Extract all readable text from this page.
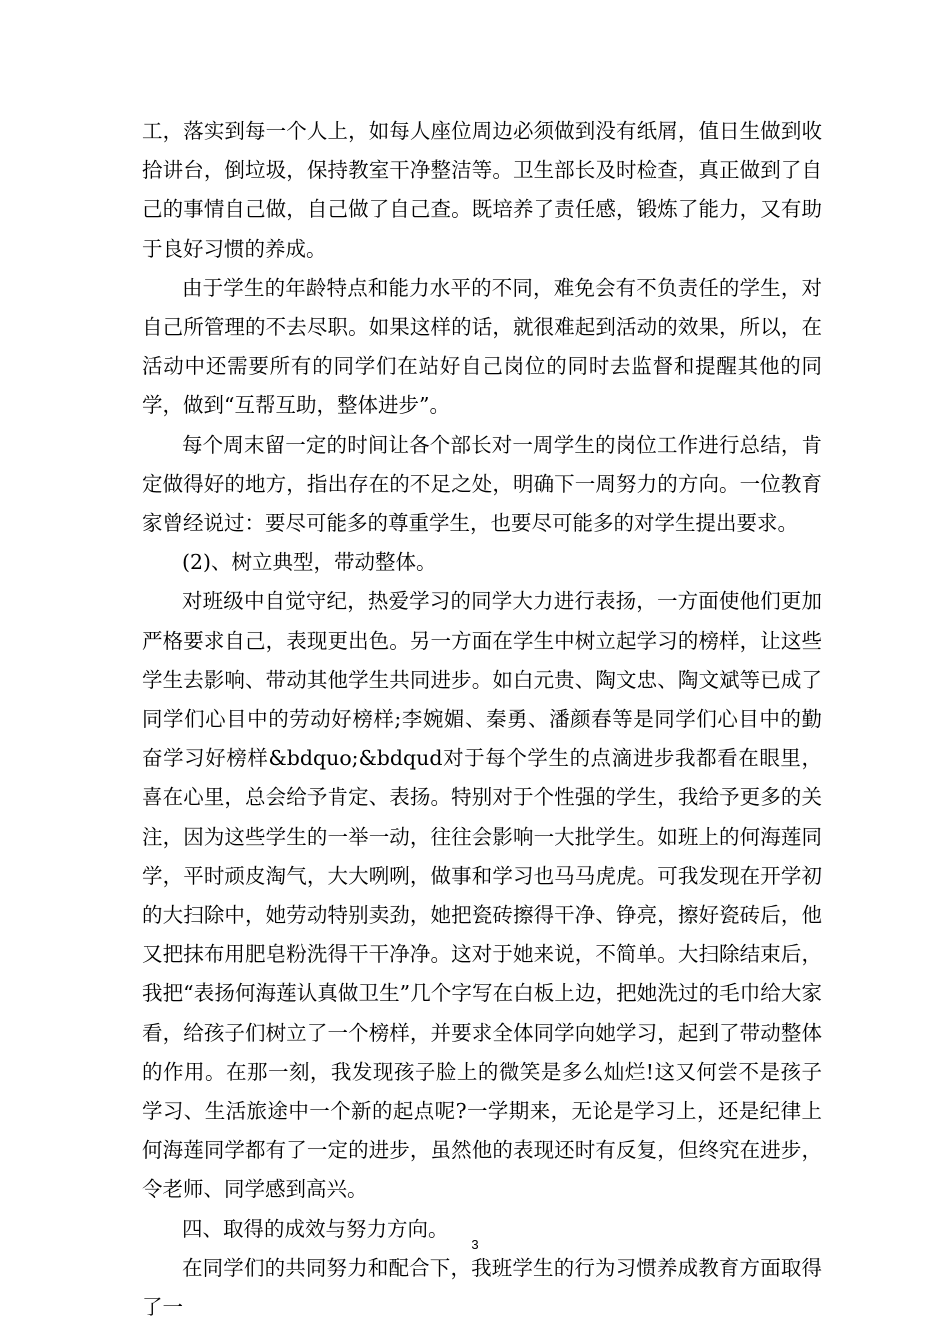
工，落实到每一个人上，如每人座位周边必须做到没有纸屑，值日生做到收拾讲台，倒垃圾，保持教室干净整洁等。卫生部长及时检查，真正做到了自己的事情自己做，自己做了自己查。既培养了责任感，锻炼了能力，又有助于良好习惯的养成。

由于学生的年龄特点和能力水平的不同，难免会有不负责任的学生，对自己所管理的不去尽职。如果这样的话，就很难起到活动的效果，所以，在活动中还需要所有的同学们在站好自己岗位的同时去监督和提醒其他的同学，做到“互帮互助，整体进步”。

每个周末留一定的时间让各个部长对一周学生的岗位工作进行总结，肯定做得好的地方，指出存在的不足之处，明确下一周努力的方向。一位教育家曾经说过：要尽可能多的尊重学生，也要尽可能多的对学生提出要求。

(2)、树立典型，带动整体。

对班级中自觉守纪，热爱学习的同学大力进行表扬，一方面使他们更加严格要求自己，表现更出色。另一方面在学生中树立起学习的榜样，让这些学生去影响、带动其他学生共同进步。如白元贵、陶文忠、陶文斌等已成了同学们心目中的劳动好榜样;李婉媚、秦勇、潘颜春等是同学们心目中的勤奋学习好榜样&bdquo;&bdqud对于每个学生的点滴进步我都看在眼里，喜在心里，总会给予肯定、表扬。特别对于个性强的学生，我给予更多的关注，因为这些学生的一举一动，往往会影响一大批学生。如班上的何海莲同学，平时顽皮淘气，大大咧咧，做事和学习也马马虎虎。可我发现在开学初的大扫除中，她劳动特别卖劲，她把瓷砖擦得干净、铮亮，擦好瓷砖后，他又把抹布用肥皂粉洗得干干净净。这对于她来说，不简单。大扫除结束后，我把“表扬何海莲认真做卫生”几个字写在白板上边，把她洗过的毛巾给大家看，给孩子们树立了一个榜样，并要求全体同学向她学习，起到了带动整体的作用。在那一刻，我发现孩子脸上的微笑是多么灿烂!这又何尝不是孩子学习、生活旅途中一个新的起点呢?一学期来，无论是学习上，还是纪律上何海莲同学都有了一定的进步，虽然他的表现还时有反复，但终究在进步，令老师、同学感到高兴。

四、取得的成效与努力方向。

在同学们的共同努力和配合下，我班学生的行为习惯养成教育方面取得了一

3
